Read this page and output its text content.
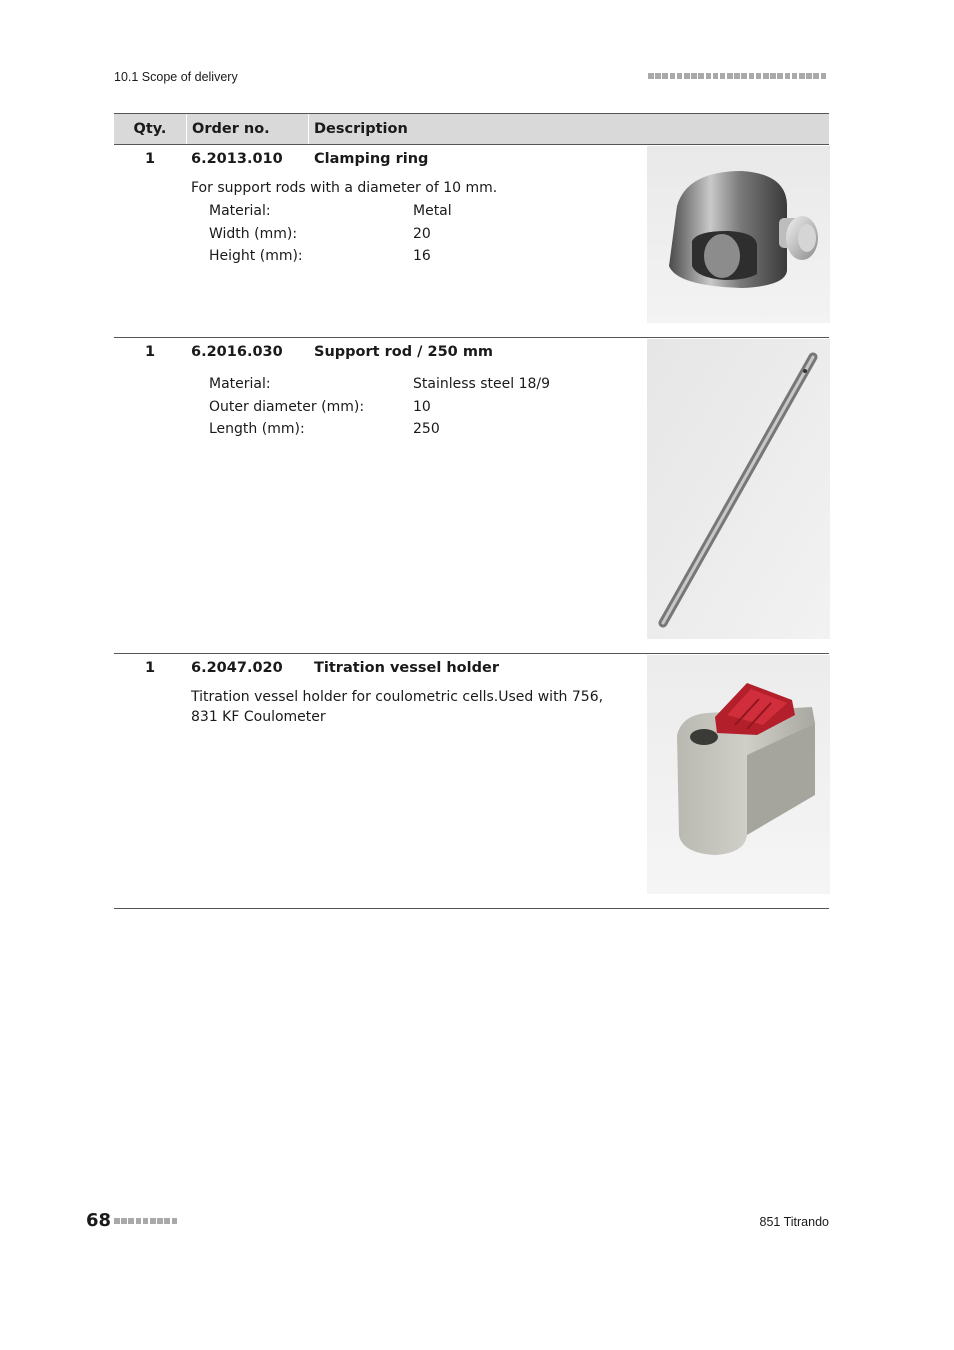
10.1 Scope of delivery
Qty.	Order no.	Description
1	6.2013.010 Clamping ring
For support rods with a diameter of 10 mm.
Material:	Metal
Width (mm):	20
Height (mm):	16
1	6.2016.030 Support rod / 250 mm
Material:	Stainless steel 18/9
Outer diameter (mm):	10
Length (mm):	250
1	6.2047.020 Titration vessel holder
Titration vessel holder for coulometric cells.Used with 756, 831 KF Coulometer
68	851 Titrando
